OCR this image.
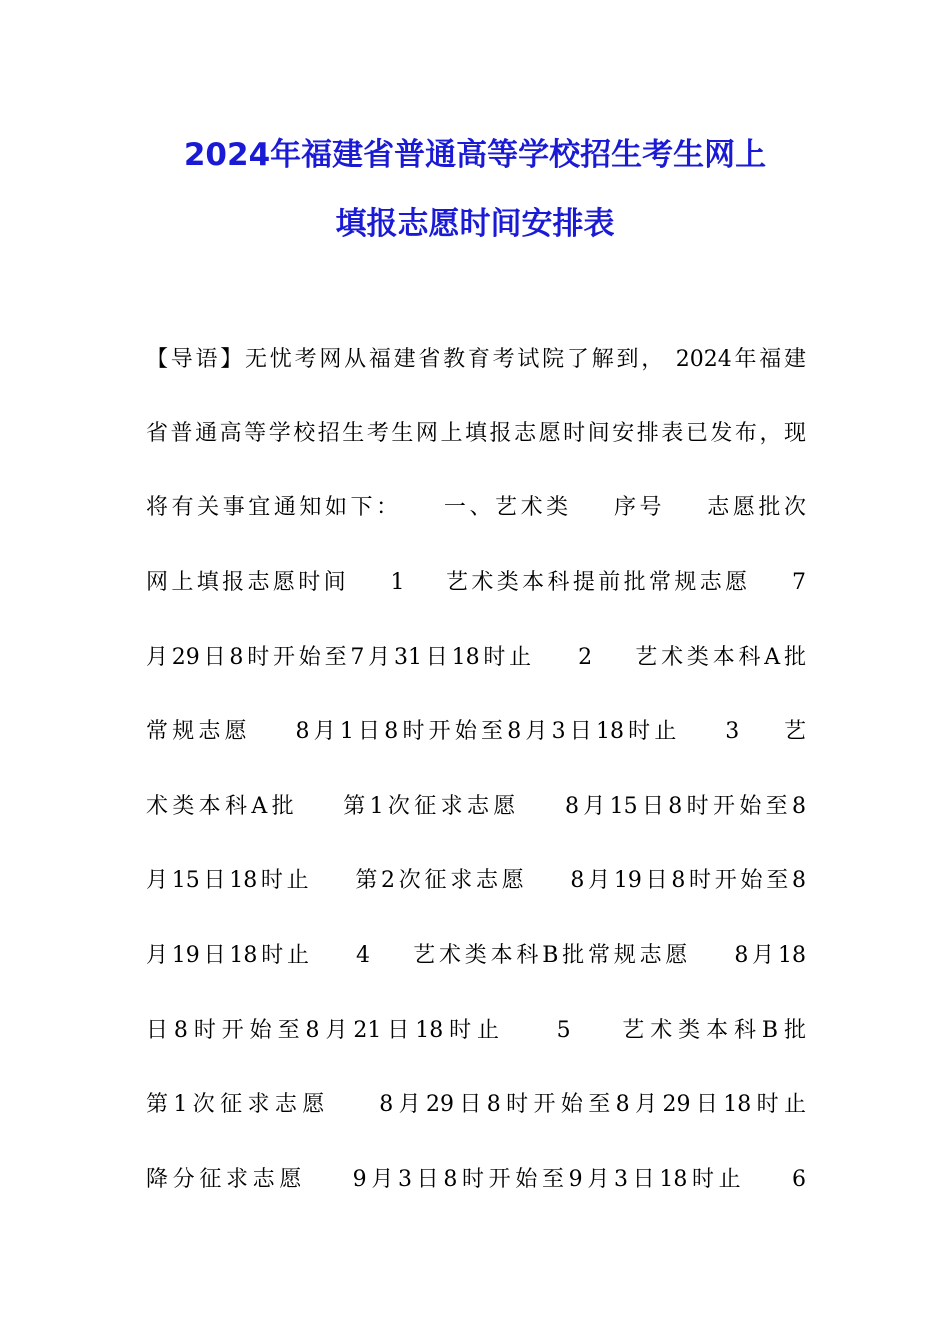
2024年福建省普通高等学校招生考生网上
填报志愿时间安排表
【导语】无忧考网从福建省教育考试院了解到， 2024年福建
省普通高等学校招生考生网上填报志愿时间安排表已发布，现
将有关事宜通知如下：    一、艺术类    序号    志愿批次
网上填报志愿时间    1    艺术类本科提前批常规志愿    7
月29日8时开始至7月31日18时止    2    艺术类本科A批
常规志愿    8月1日8时开始至8月3日18时止    3    艺
术类本科A批    第1次征求志愿    8月15日8时开始至8
月15日18时止    第2次征求志愿    8月19日8时开始至8
月19日18时止    4    艺术类本科B批常规志愿    8月18
日8时开始至8月21日18时止    5    艺术类本科B批
第1次征求志愿    8月29日8时开始至8月29日18时止
降分征求志愿    9月3日8时开始至9月3日18时止    6
